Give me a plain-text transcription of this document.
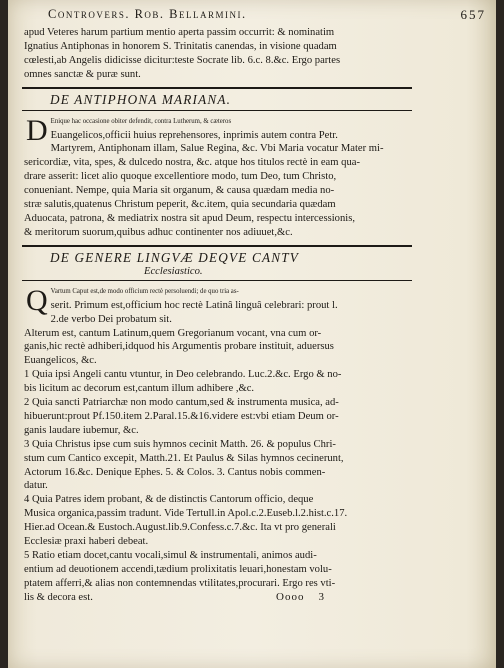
Controvers. Rob. Bellarmini.	657
apud Veteres harum partium mentio aperta passim occurrit: & nominatim
Ignatius Antiphonas in honorem S. Trinitatis canendas, in visione quadam
cœlesti,ab Angelis didicisse dicitur:teste Socrate lib. 6.c. 8.&c. Ergo partes
omnes sanctæ & puræ sunt.
DE ANTIPHONA MARIANA.
D Enique hac occasione obiter defendit, contra Lutherum, & cæteros
Euangelicos,officii huius reprehensores, inprimis autem contra Petr.
Martyrem, Antiphonam illam, Salue Regina, &c. Vbi Maria vocatur Mater mi-
sericordiæ, vita, spes, & dulcedo nostra, &c. atque hos titulos rectè in eam qua-
drare asserit: licet alio quoque excellentiore modo, tum Deo, tum Christo,
conueniant. Nempe, quia Maria sit organum, & causa quædam media no-
stræ salutis,quatenus Christum peperit, &c.item, quia secundaria quædam
Aduocata, patrona, & mediatrix nostra sit apud Deum, respectu intercessionis,
& meritorum suorum,quibus adhuc continenter nos adiuuet,&c.
DE GENERE LINGVÆ DEQVE CANTV
Ecclesiastico.
Q Vartum Caput est,de modo officium rectè persoluendi; de quo tria as-
serit. Primum est,officium hoc rectè Latinâ linguâ celebrari: prout l.
2.de verbo Dei probatum sit.
Alterum est, cantum Latinum,quem Gregorianum vocant, vna cum or-
ganis,hic rectè adhiberi,idquod his Argumentis probare instituit, aduersus
Euangelicos, &c.
1 Quia ipsi Angeli cantu vtuntur, in Deo celebrando. Luc.2.&c. Ergo & no-
bis licitum ac decorum est,cantum illum adhibere ,&c.
2 Quia sancti Patriarchæ non modo cantum,sed & instrumenta musica, ad-
hibuerunt:prout Pf.150.item 2.Paral.15.&16.videre est:vbi etiam Deum or-
ganis laudare iubemur, &c.
3 Quia Christus ipse cum suis hymnos cecinit Matth. 26. & populus Chri-
stum cum Cantico excepit, Matth.21. Et Paulus & Silas hymnos cecinerunt,
Actorum 16.&c. Denique Ephes. 5. & Colos. 3. Cantus nobis commen-
datur.
4 Quia Patres idem probant, & de distinctis Cantorum officio, deque
Musica organica,passim tradunt. Vide Tertull.in Apol.c.2.Euseb.l.2.hist.c.17.
Hier.ad Ocean.& Eustoch.August.lib.9.Confess.c.7.&c. Ita vt pro generali
Ecclesiæ praxi haberi debeat.
5 Ratio etiam docet,cantu vocali,simul & instrumentali, animos audi-
entium ad deuotionem accendi,tædium prolixitatis leuari,honestam volu-
ptatem afferri,& alias non contemnendas vtilitates,procurari. Ergo res vti-
lis & decora est.	Oooo 3
